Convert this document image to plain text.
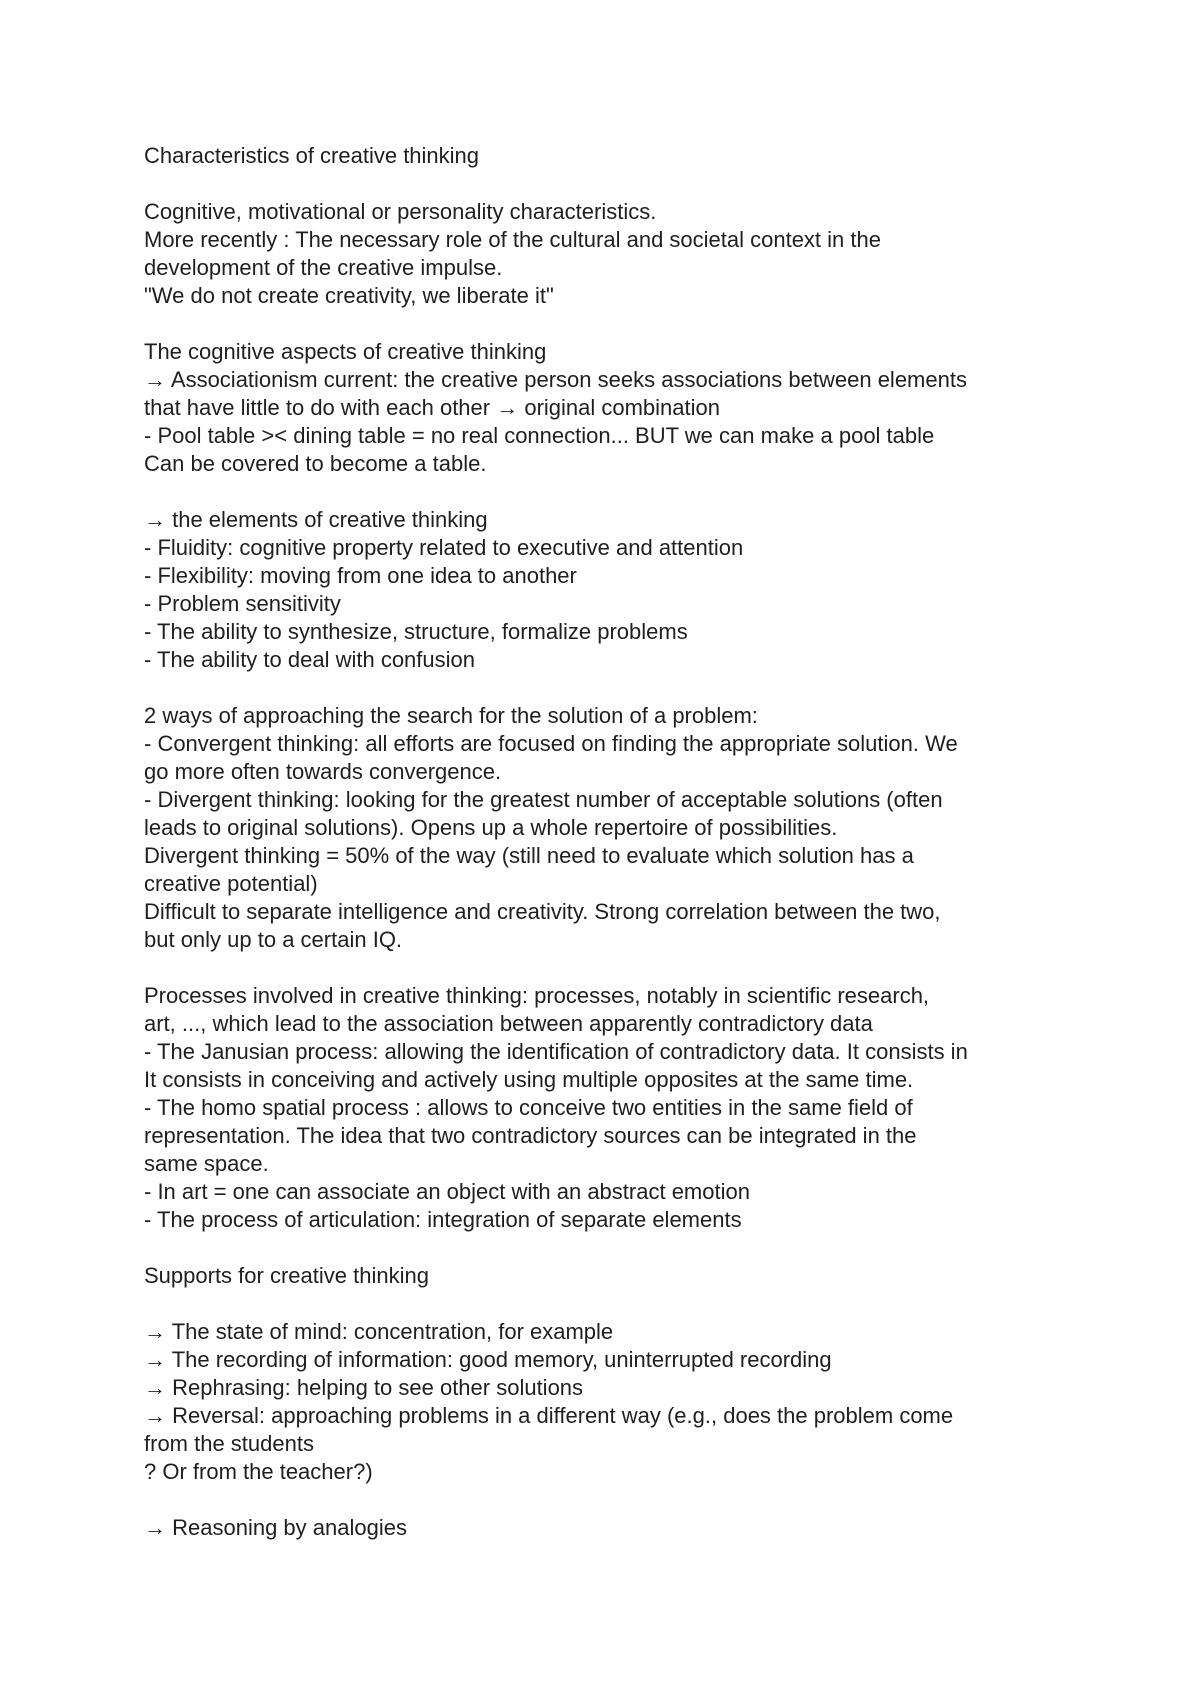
Characteristics of creative thinking
Cognitive, motivational or personality characteristics.
More recently : The necessary role of the cultural and societal context in the
development of the creative impulse.
"We do not create creativity, we liberate it"
The cognitive aspects of creative thinking
→ Associationism current: the creative person seeks associations between elements
that have little to do with each other → original combination
- Pool table >< dining table = no real connection... BUT we can make a pool table
Can be covered to become a table.
→ the elements of creative thinking
- Fluidity: cognitive property related to executive and attention
- Flexibility: moving from one idea to another
- Problem sensitivity
- The ability to synthesize, structure, formalize problems
- The ability to deal with confusion
2 ways of approaching the search for the solution of a problem:
- Convergent thinking: all efforts are focused on finding the appropriate solution. We
go more often towards convergence.
- Divergent thinking: looking for the greatest number of acceptable solutions (often
leads to original solutions). Opens up a whole repertoire of possibilities.
Divergent thinking = 50% of the way (still need to evaluate which solution has a
creative potential)
Difficult to separate intelligence and creativity. Strong correlation between the two,
but only up to a certain IQ.
Processes involved in creative thinking: processes, notably in scientific research,
art, ..., which lead to the association between apparently contradictory data
- The Janusian process: allowing the identification of contradictory data. It consists in
It consists in conceiving and actively using multiple opposites at the same time.
- The homo spatial process : allows to conceive two entities in the same field of
representation. The idea that two contradictory sources can be integrated in the
same space.
- In art = one can associate an object with an abstract emotion
- The process of articulation: integration of separate elements
Supports for creative thinking
→ The state of mind: concentration, for example
→ The recording of information: good memory, uninterrupted recording
→ Rephrasing: helping to see other solutions
→ Reversal: approaching problems in a different way (e.g., does the problem come
from the students
? Or from the teacher?)
→ Reasoning by analogies
